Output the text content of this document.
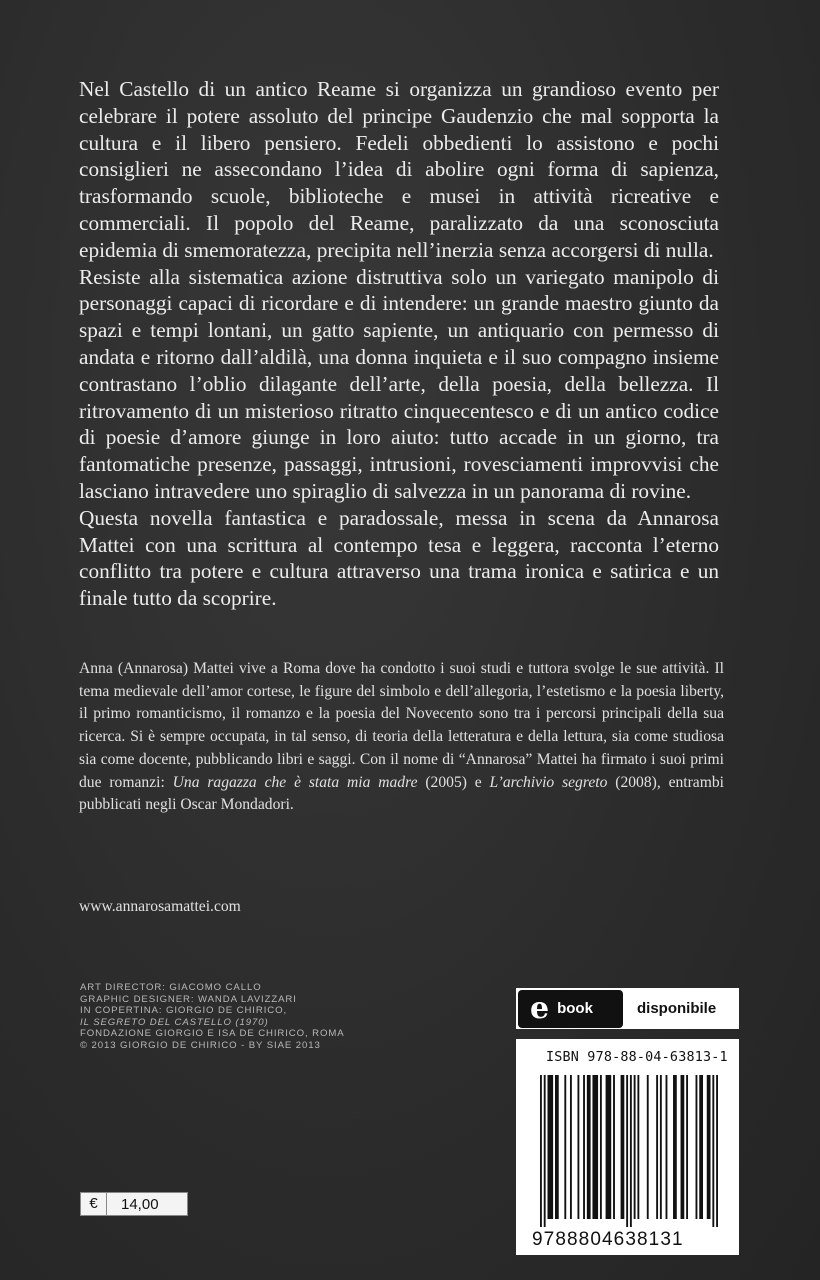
Nel Castello di un antico Reame si organizza un grandioso evento per celebrare il potere assoluto del principe Gaudenzio che mal sopporta la cultura e il libero pensiero. Fedeli obbedienti lo assistono e pochi consiglieri ne assecondano l’idea di abolire ogni forma di sapienza, trasformando scuole, biblioteche e musei in attività ricreative e commerciali. Il popolo del Reame, paralizzato da una sconosciuta epidemia di smemoratezza, precipita nell’inerzia senza accorgersi di nulla.

Resiste alla sistematica azione distruttiva solo un variegato manipolo di personaggi capaci di ricordare e di intendere: un grande maestro giunto da spazi e tempi lontani, un gatto sapiente, un antiquario con permesso di andata e ritorno dall’aldilà, una donna inquieta e il suo compagno insieme contrastano l’oblio dilagante dell’arte, della poesia, della bellezza. Il ritrovamento di un misterioso ritratto cinquecentesco e di un antico codice di poesie d’amore giunge in loro aiuto: tutto accade in un giorno, tra fantomatiche presenze, passaggi, intrusioni, rovesciamenti improvvisi che lasciano intravedere uno spiraglio di salvezza in un panorama di rovine.

Questa novella fantastica e paradossale, messa in scena da Annarosa Mattei con una scrittura al contempo tesa e leggera, racconta l’eterno conflitto tra potere e cultura attraverso una trama ironica e satirica e un finale tutto da scoprire.

Anna (Annarosa) Mattei vive a Roma dove ha condotto i suoi studi e tuttora svolge le sue attività. Il tema medievale dell’amor cortese, le figure del simbolo e dell’allegoria, l’estetismo e la poesia liberty, il primo romanticismo, il romanzo e la poesia del Novecento sono tra i percorsi principali della sua ricerca. Si è sempre occupata, in tal senso, di teoria della letteratura e della lettura, sia come studiosa sia come docente, pubblicando libri e saggi. Con il nome di “Annarosa” Mattei ha firmato i suoi primi due romanzi: Una ragazza che è stata mia madre (2005) e L’archivio segreto (2008), entrambi pubblicati negli Oscar Mondadori.

www.annarosamattei.com
ART DIRECTOR: GIACOMO CALLO
GRAPHIC DESIGNER: WANDA LAVIZZARI
IN COPERTINA: GIORGIO DE CHIRICO,
IL SEGRETO DEL CASTELLO (1970)
FONDAZIONE GIORGIO E ISA DE CHIRICO, ROMA
© 2013 GIORGIO DE CHIRICO - BY SIAE 2013
e book	disponibile
ISBN 978-88-04-63813-1
9788804638131
€	14,00
